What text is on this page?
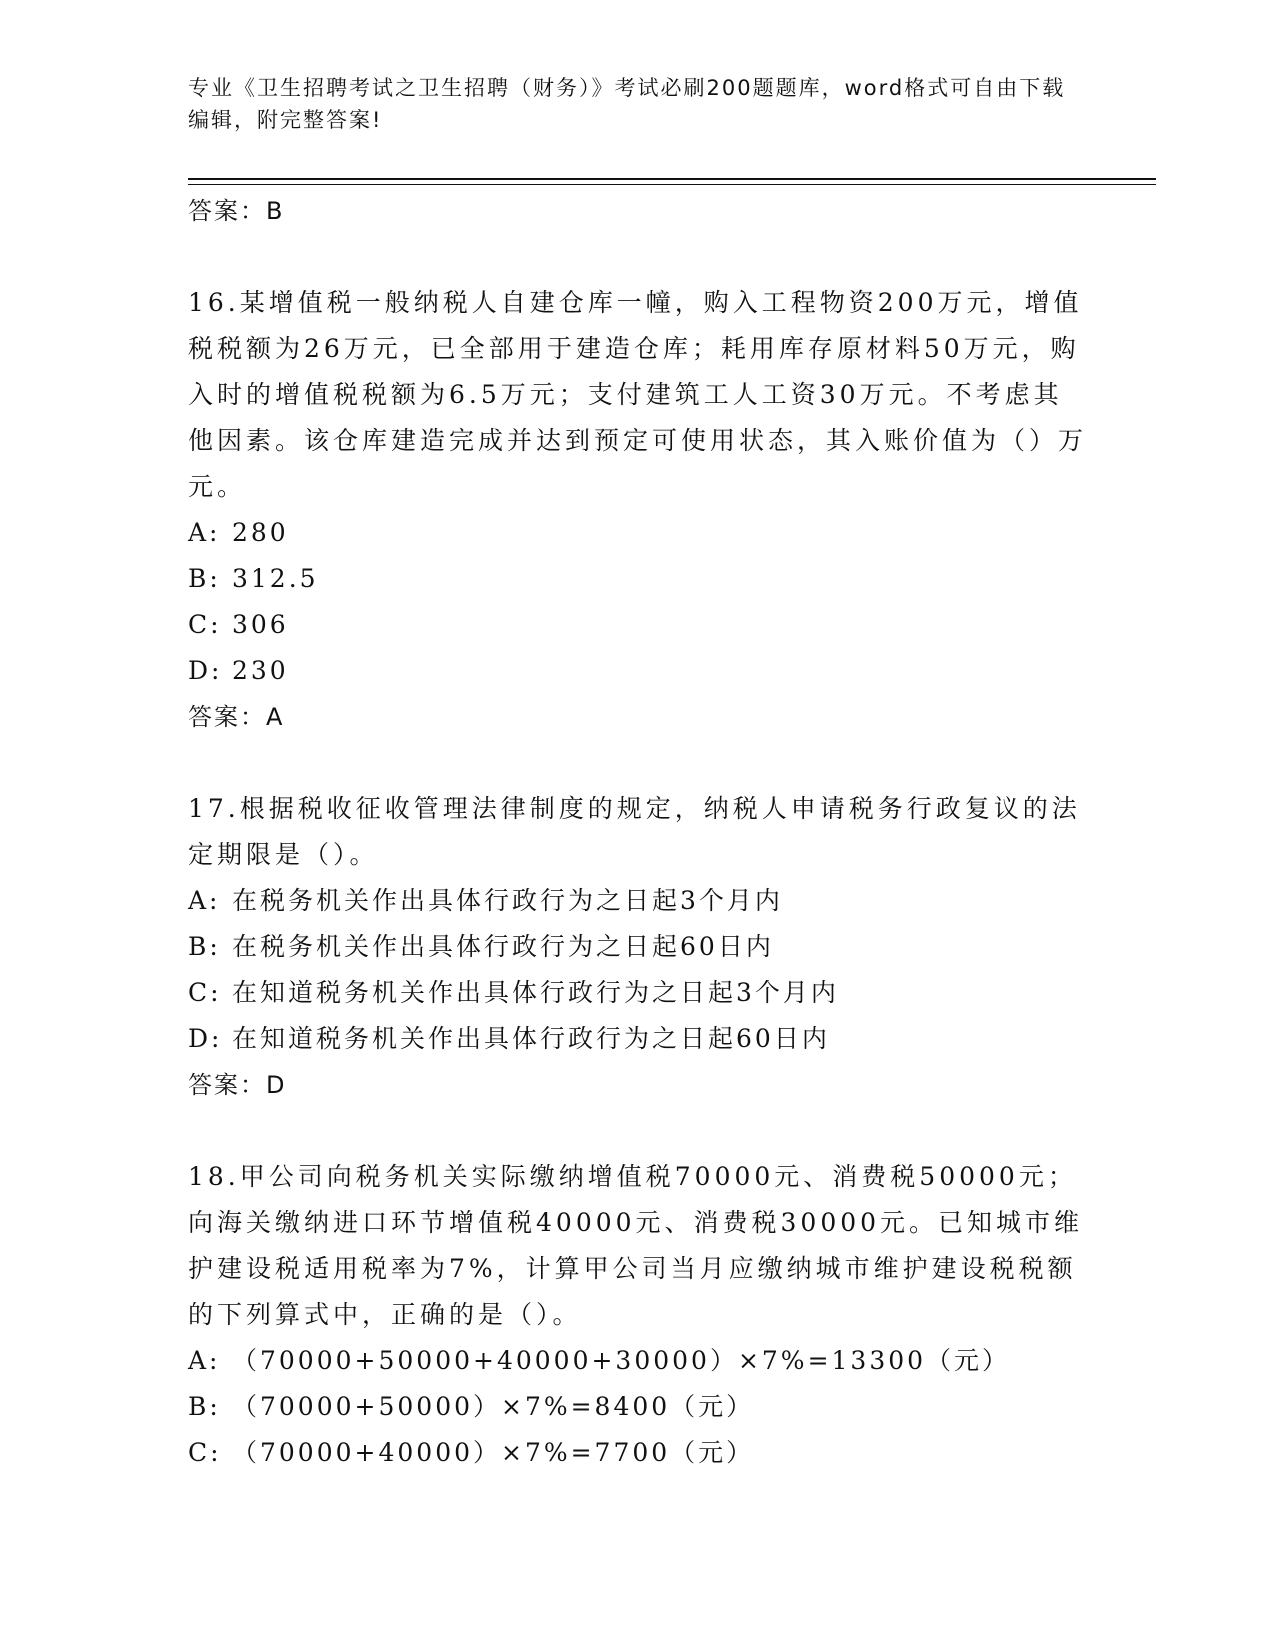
专业《卫生招聘考试之卫生招聘（财务）》考试必刷200题题库，word格式可自由下载编辑，附完整答案!

答案：B

16.某增值税一般纳税人自建仓库一幢，购入工程物资200万元，增值税税额为26万元，已全部用于建造仓库；耗用库存原材料50万元，购入时的增值税税额为6.5万元；支付建筑工人工资30万元。不考虑其他因素。该仓库建造完成并达到预定可使用状态，其入账价值为（）万元。

A: 280

B: 312.5

C: 306

D: 230

答案：A

17.根据税收征收管理法律制度的规定，纳税人申请税务行政复议的法定期限是（）。

A: 在税务机关作出具体行政行为之日起3个月内

B: 在税务机关作出具体行政行为之日起60日内

C: 在知道税务机关作出具体行政行为之日起3个月内

D: 在知道税务机关作出具体行政行为之日起60日内

答案：D

18.甲公司向税务机关实际缴纳增值税70000元、消费税50000元；向海关缴纳进口环节增值税40000元、消费税30000元。已知城市维护建设税适用税率为7%，计算甲公司当月应缴纳城市维护建设税税额的下列算式中，正确的是（）。

A: （70000+50000+40000+30000）×7%=13300（元）

B: （70000+50000）×7%=8400（元）

C: （70000+40000）×7%=7700（元）
